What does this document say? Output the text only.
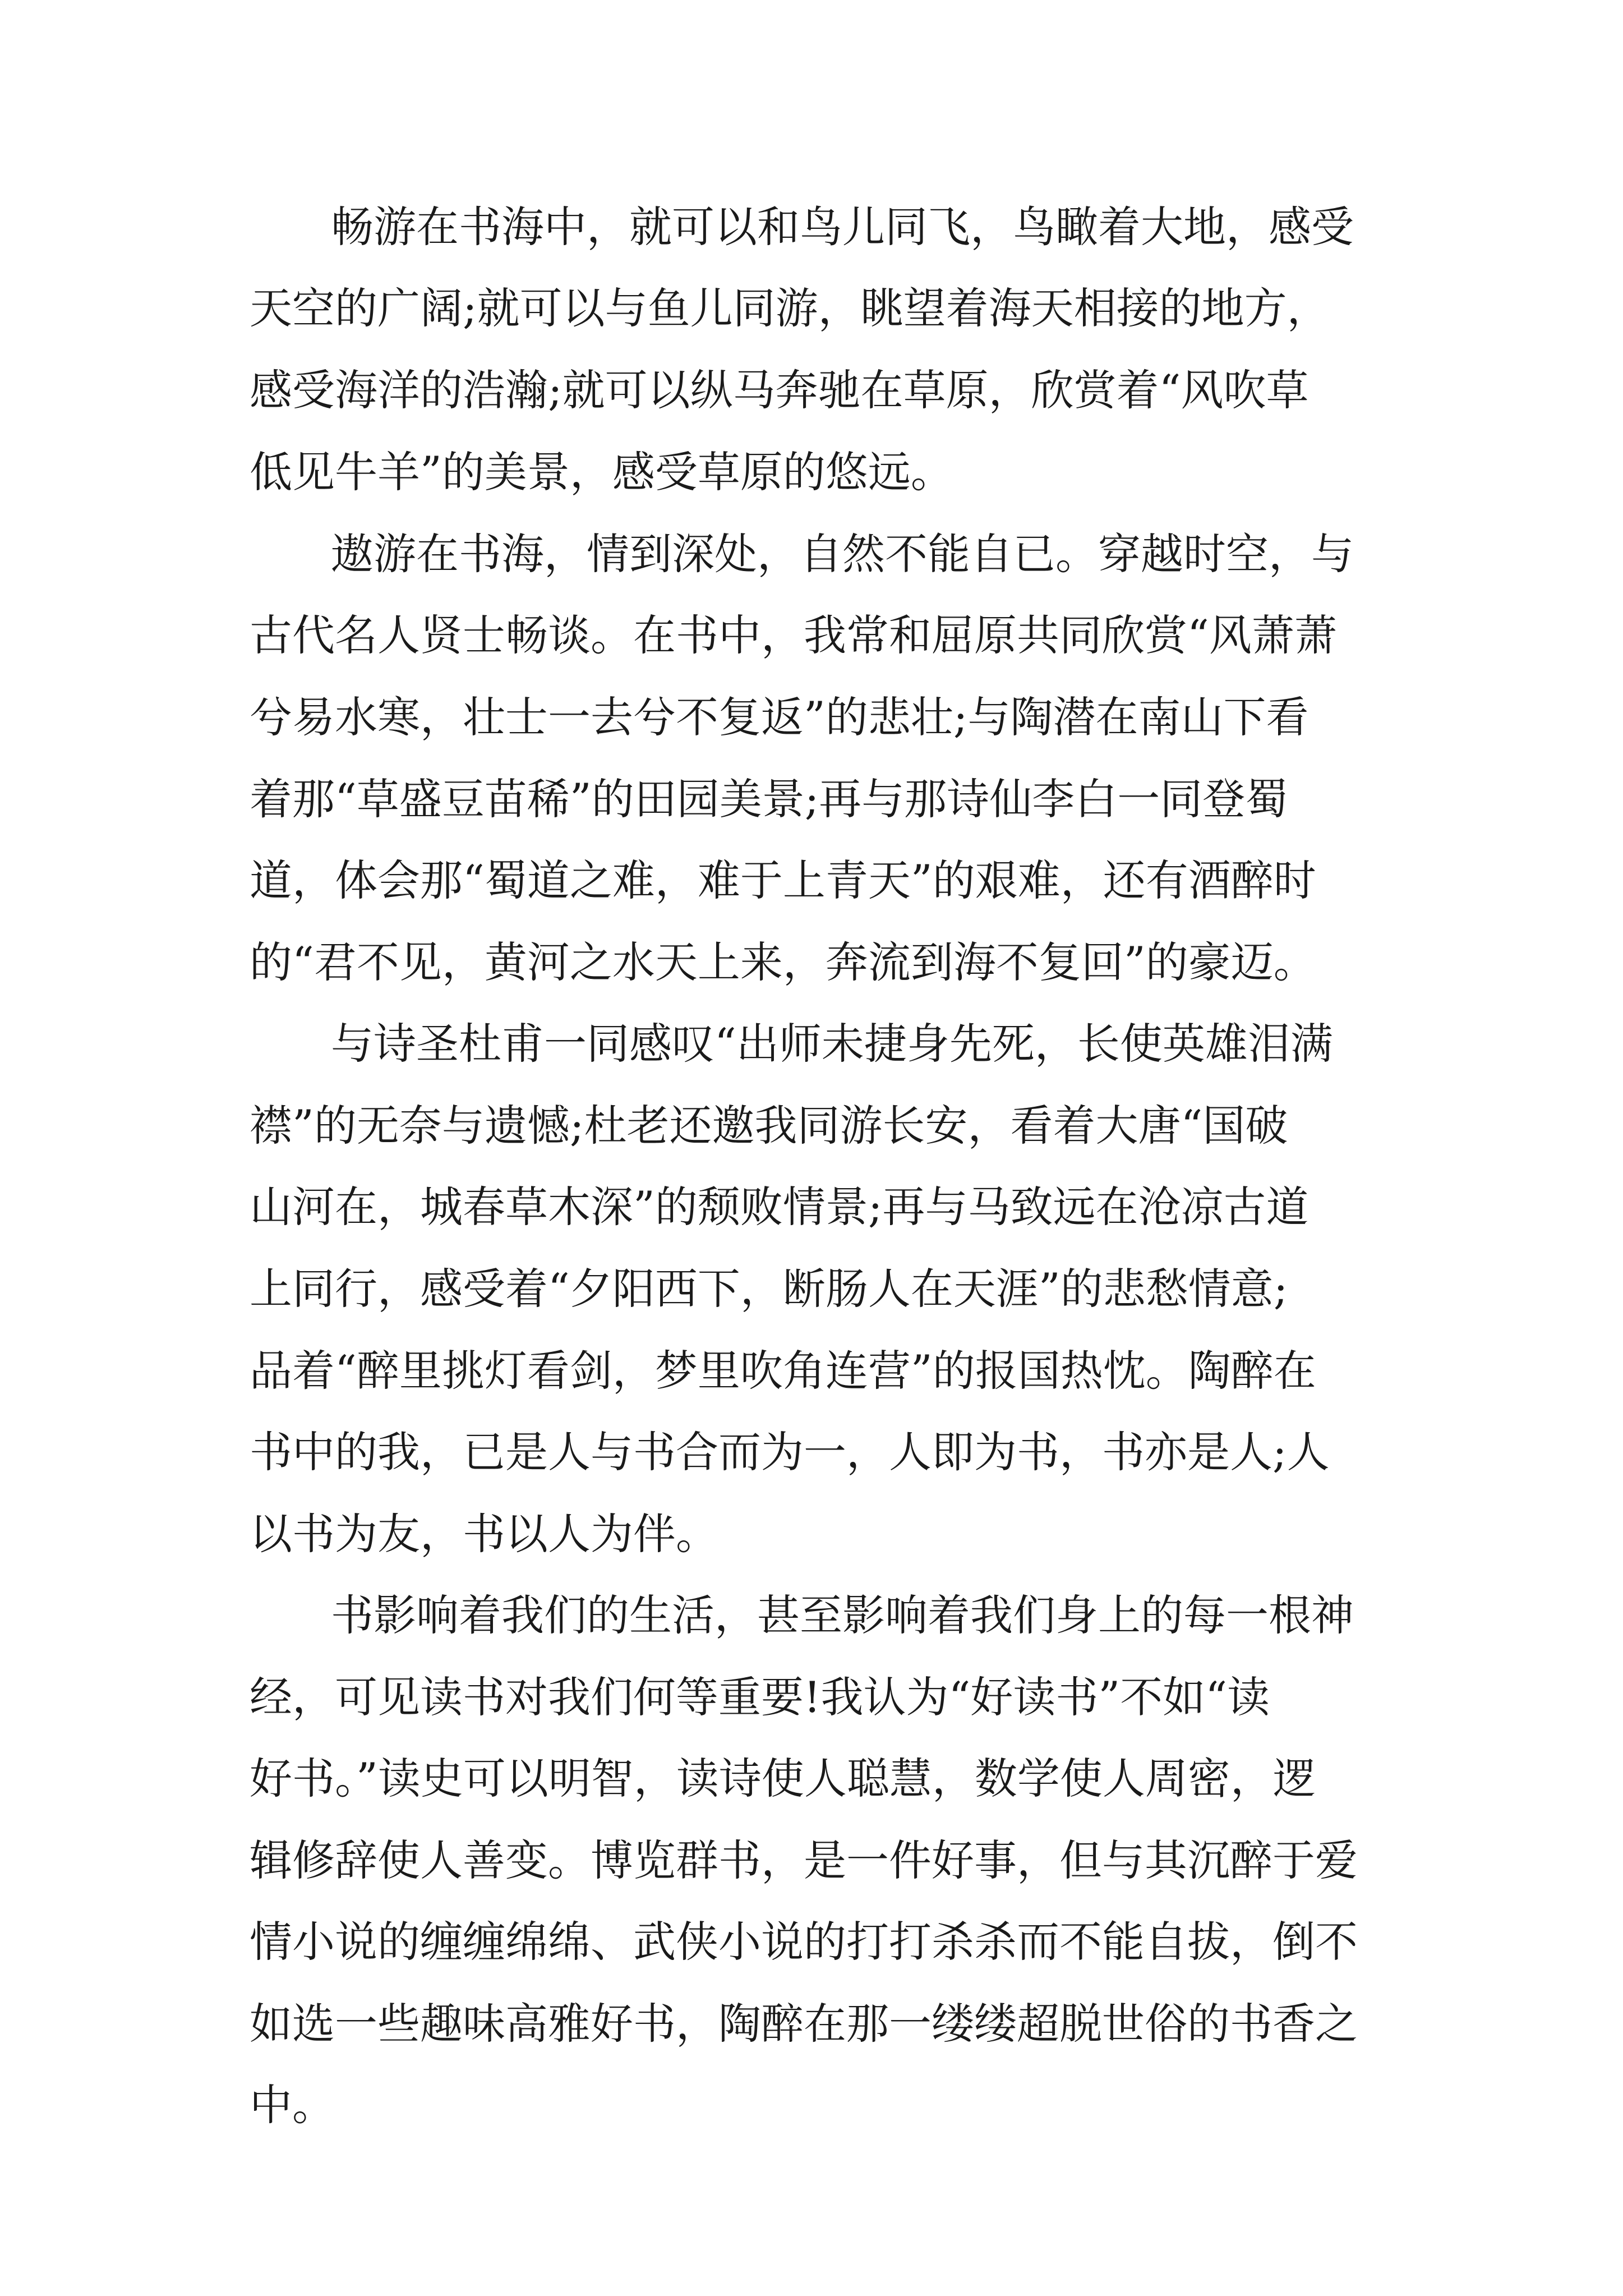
畅游在书海中，就可以和鸟儿同飞，鸟瞰着大地，感受

天空的广阔;就可以与鱼儿同游，眺望着海天相接的地方，

感受海洋的浩瀚;就可以纵马奔驰在草原，欣赏着“风吹草

低见牛羊”的美景，感受草原的悠远。

遨游在书海，情到深处，自然不能自已。穿越时空，与

古代名人贤士畅谈。在书中，我常和屈原共同欣赏“风萧萧

兮易水寒，壮士一去兮不复返”的悲壮;与陶潜在南山下看

着那“草盛豆苗稀”的田园美景;再与那诗仙李白一同登蜀

道，体会那“蜀道之难，难于上青天”的艰难，还有酒醉时

的“君不见，黄河之水天上来，奔流到海不复回”的豪迈。

与诗圣杜甫一同感叹“出师未捷身先死，长使英雄泪满

襟”的无奈与遗憾;杜老还邀我同游长安，看着大唐“国破

山河在，城春草木深”的颓败情景;再与马致远在沧凉古道

上同行，感受着“夕阳西下，断肠人在天涯”的悲愁情意;

品着“醉里挑灯看剑，梦里吹角连营”的报国热忱。陶醉在

书中的我，已是人与书合而为一，人即为书，书亦是人;人

以书为友，书以人为伴。

书影响着我们的生活，甚至影响着我们身上的每一根神

经，可见读书对我们何等重要!我认为“好读书”不如“读

好书。”读史可以明智，读诗使人聪慧，数学使人周密，逻

辑修辞使人善变。博览群书，是一件好事，但与其沉醉于爱

情小说的缠缠绵绵、武侠小说的打打杀杀而不能自拔，倒不

如选一些趣味高雅好书，陶醉在那一缕缕超脱世俗的书香之

中。
